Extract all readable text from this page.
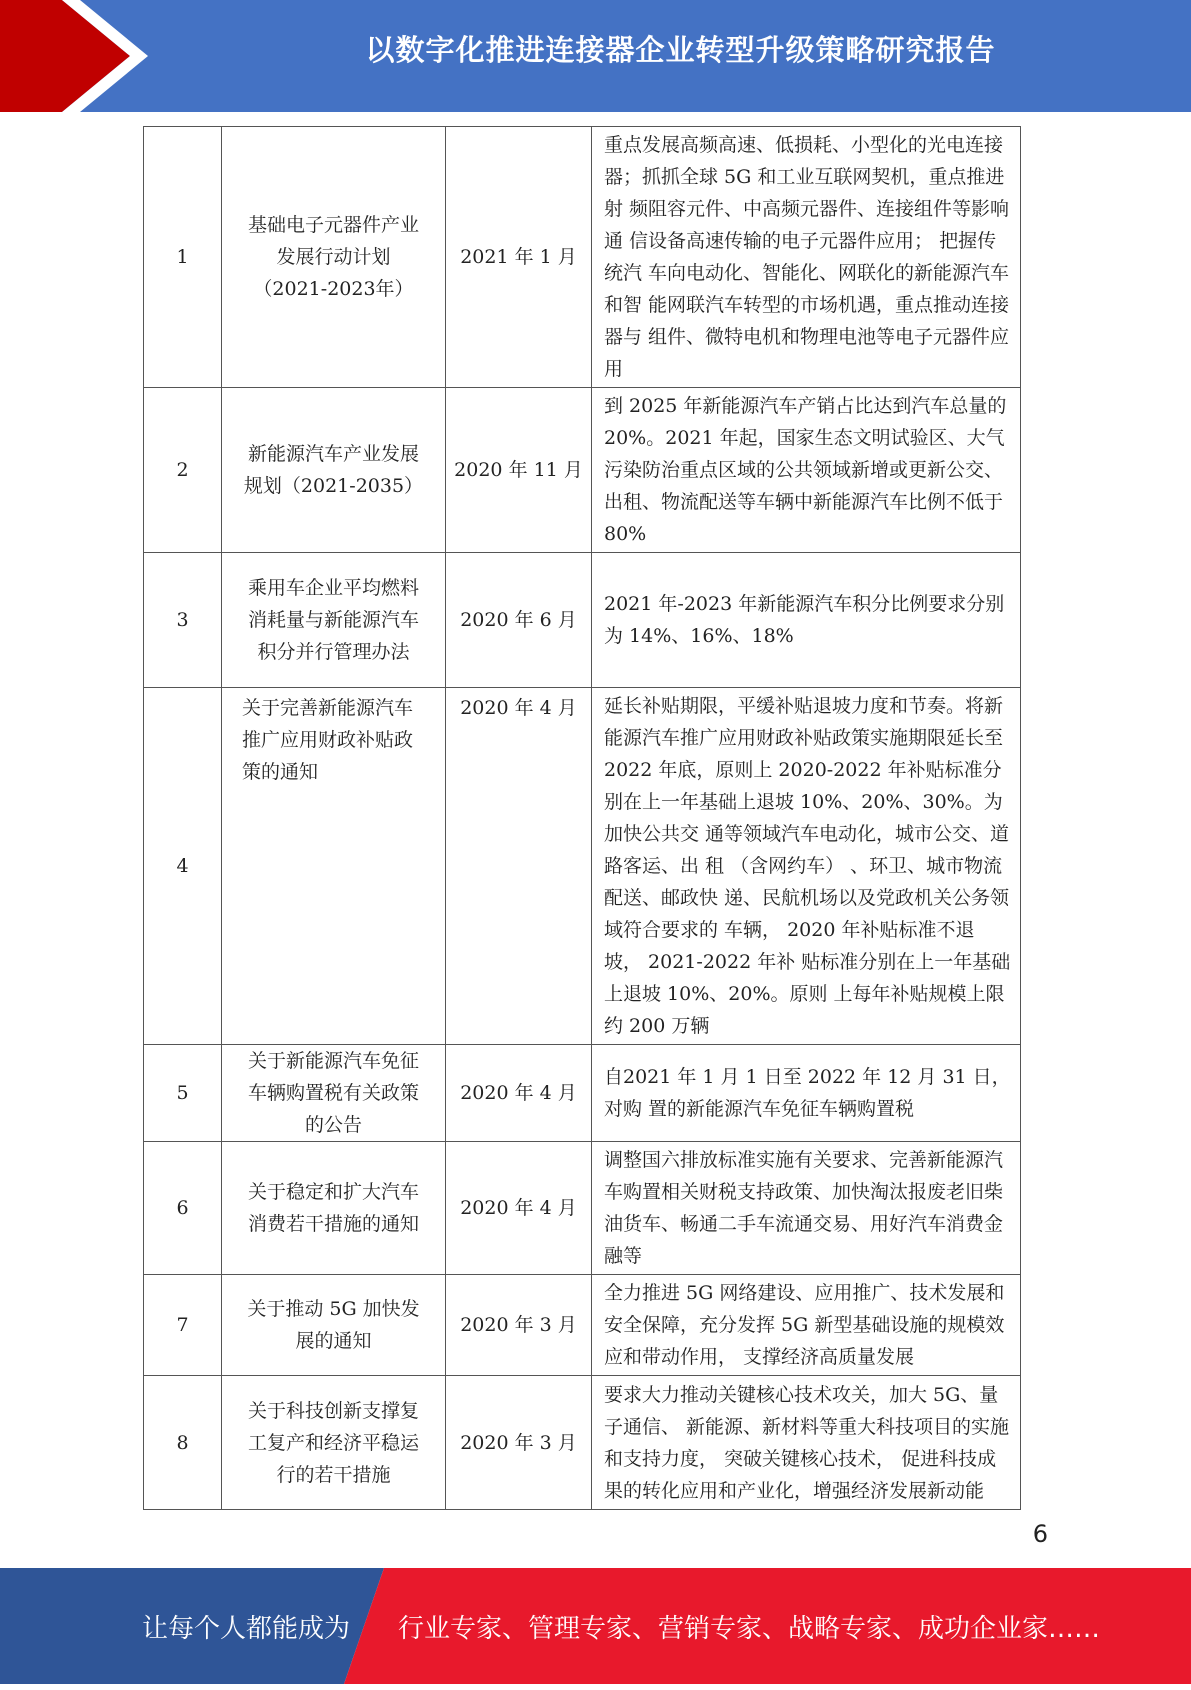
以数字化推进连接器企业转型升级策略研究报告
1	基础电子元器件产业发展行动计划（2021-2023年）	2021 年 1 月	重点发展高频高速、低损耗、小型化的光电连接 器；抓抓全球 5G 和工业互联网契机，重点推进射 频阻容元件、中高频元器件、连接组件等影响通 信设备高速传输的电子元器件应用； 把握传统汽 车向电动化、智能化、网联化的新能源汽车和智 能网联汽车转型的市场机遇，重点推动连接器与 组件、微特电机和物理电池等电子元器件应用
2	新能源汽车产业发展规划（2021-2035）	2020 年 11 月	到 2025 年新能源汽车产销占比达到汽车总量的 20%。2021 年起，国家生态文明试验区、大气污染防治重点区域的公共领域新增或更新公交、出租、物流配送等车辆中新能源汽车比例不低于 80%
3	乘用车企业平均燃料消耗量与新能源汽车积分并行管理办法	2020 年 6 月	2021 年-2023 年新能源汽车积分比例要求分别为 14%、16%、18%
4	关于完善新能源汽车推广应用财政补贴政策的通知	2020 年 4 月	延长补贴期限，平缓补贴退坡力度和节奏。将新 能源汽车推广应用财政补贴政策实施期限延长至 2022 年底，原则上 2020-2022 年补贴标准分别在上一年基础上退坡 10%、20%、30%。为加快公共交 通等领域汽车电动化，城市公交、道路客运、出 租 （含网约车） 、环卫、城市物流配送、邮政快 递、民航机场以及党政机关公务领域符合要求的 车辆， 2020 年补贴标准不退坡， 2021-2022 年补 贴标准分别在上一年基础上退坡 10%、20%。原则 上每年补贴规模上限约 200 万辆
5	关于新能源汽车免征车辆购置税有关政策的公告	2020 年 4 月	自2021 年 1 月 1 日至 2022 年 12 月 31 日，对购 置的新能源汽车免征车辆购置税
6	关于稳定和扩大汽车消费若干措施的通知	2020 年 4 月	调整国六排放标准实施有关要求、完善新能源汽车购置相关财税支持政策、加快淘汰报废老旧柴油货车、畅通二手车流通交易、用好汽车消费金融等
7	关于推动 5G 加快发展的通知	2020 年 3 月	全力推进 5G 网络建设、应用推广、技术发展和安全保障，充分发挥 5G 新型基础设施的规模效应和带动作用， 支撑经济高质量发展
8	关于科技创新支撑复工复产和经济平稳运行的若干措施	2020 年 3 月	要求大力推动关键核心技术攻关，加大 5G、量子通信、 新能源、新材料等重大科技项目的实施和支持力度， 突破关键核心技术， 促进科技成果的转化应用和产业化，增强经济发展新动能
6
让每个人都能成为 行业专家、管理专家、营销专家、战略专家、成功企业家……
